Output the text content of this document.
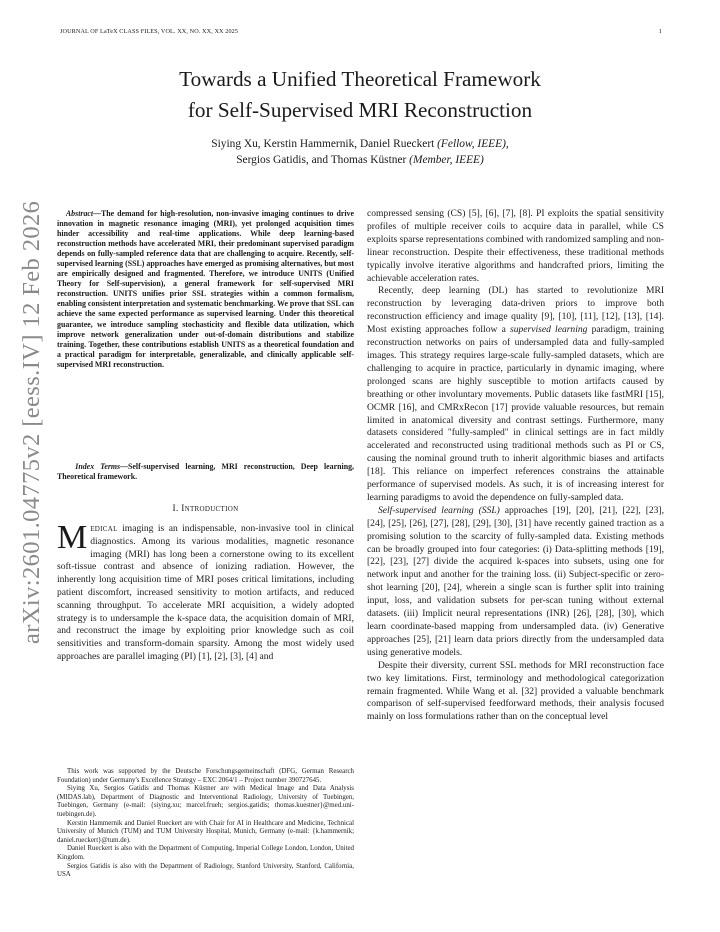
JOURNAL OF LaTeX CLASS FILES, VOL. XX, NO. XX, XX 2025	1
arXiv:2601.04775v2 [eess.IV] 12 Feb 2026
Towards a Unified Theoretical Framework
for Self-Supervised MRI Reconstruction
Siying Xu, Kerstin Hammernik, Daniel Rueckert (Fellow, IEEE),
Sergios Gatidis, and Thomas Küstner (Member, IEEE)
Abstract—The demand for high-resolution, non-invasive imaging continues to drive innovation in magnetic resonance imaging (MRI), yet prolonged acquisition times hinder accessibility and real-time applications. While deep learning-based reconstruction methods have accelerated MRI, their predominant supervised paradigm depends on fully-sampled reference data that are challenging to acquire. Recently, self-supervised learning (SSL) approaches have emerged as promising alternatives, but most are empirically designed and fragmented. Therefore, we introduce UNITS (Unified Theory for Self-supervision), a general framework for self-supervised MRI reconstruction. UNITS unifies prior SSL strategies within a common formalism, enabling consistent interpretation and systematic benchmarking. We prove that SSL can achieve the same expected performance as supervised learning. Under this theoretical guarantee, we introduce sampling stochasticity and flexible data utilization, which improve network generalization under out-of-domain distributions and stabilize training. Together, these contributions establish UNITS as a theoretical foundation and a practical paradigm for interpretable, generalizable, and clinically applicable self-supervised MRI reconstruction.
Index Terms—Self-supervised learning, MRI reconstruction, Deep learning, Theoretical framework.
I. Introduction
Medical imaging is an indispensable, non-invasive tool in clinical diagnostics. Among its various modalities, magnetic resonance imaging (MRI) has long been a cornerstone owing to its excellent soft-tissue contrast and absence of ionizing radiation. However, the inherently long acquisition time of MRI poses critical limitations, including patient discomfort, increased sensitivity to motion artifacts, and reduced scanning throughput. To accelerate MRI acquisition, a widely adopted strategy is to undersample the k-space data, the acquisition domain of MRI, and reconstruct the image by exploiting prior knowledge such as coil sensitivities and transform-domain sparsity. Among the most widely used approaches are parallel imaging (PI) [1], [2], [3], [4] and

This work was supported by the Deutsche Forschungsgemeinschaft (DFG, German Research Foundation) under Germany's Excellence Strategy – EXC 2064/1 – Project number 390727645.

Siying Xu, Sergios Gatidis and Thomas Küstner are with Medical Image and Data Analysis (MIDAS.lab), Department of Diagnostic and Interventional Radiology, University of Tuebingen, Tuebingen, Germany (e-mail: {siying.xu; marcel.frueh; sergios.gatidis; thomas.kuestner}@med.uni-tuebingen.de).

Kerstin Hammernik and Daniel Rueckert are with Chair for AI in Healthcare and Medicine, Technical University of Munich (TUM) and TUM University Hospital, Munich, Germany (e-mail: {k.hammernik; daniel.rueckert}@tum.de).

Daniel Rueckert is also with the Department of Computing, Imperial College London, London, United Kingdom.

Sergios Gatidis is also with the Department of Radiology, Stanford University, Stanford, California, USA

compressed sensing (CS) [5], [6], [7], [8]. PI exploits the spatial sensitivity profiles of multiple receiver coils to acquire data in parallel, while CS exploits sparse representations combined with randomized sampling and non-linear reconstruction. Despite their effectiveness, these traditional methods typically involve iterative algorithms and handcrafted priors, limiting the achievable acceleration rates.

Recently, deep learning (DL) has started to revolutionize MRI reconstruction by leveraging data-driven priors to improve both reconstruction efficiency and image quality [9], [10], [11], [12], [13], [14]. Most existing approaches follow a supervised learning paradigm, training reconstruction networks on pairs of undersampled data and fully-sampled images. This strategy requires large-scale fully-sampled datasets, which are challenging to acquire in practice, particularly in dynamic imaging, where prolonged scans are highly susceptible to motion artifacts caused by breathing or other involuntary movements. Public datasets like fastMRI [15], OCMR [16], and CMRxRecon [17] provide valuable resources, but remain limited in anatomical diversity and contrast settings. Furthermore, many datasets considered "fully-sampled" in clinical settings are in fact mildly accelerated and reconstructed using traditional methods such as PI or CS, causing the nominal ground truth to inherit algorithmic biases and artifacts [18]. This reliance on imperfect references constrains the attainable performance of supervised models. As such, it is of increasing interest for learning paradigms to avoid the dependence on fully-sampled data.

Self-supervised learning (SSL) approaches [19], [20], [21], [22], [23], [24], [25], [26], [27], [28], [29], [30], [31] have recently gained traction as a promising solution to the scarcity of fully-sampled data. Existing methods can be broadly grouped into four categories: (i) Data-splitting methods [19], [22], [23], [27] divide the acquired k-spaces into subsets, using one for network input and another for the training loss. (ii) Subject-specific or zero-shot learning [20], [24], wherein a single scan is further split into training input, loss, and validation subsets for per-scan tuning without external datasets. (iii) Implicit neural representations (INR) [26], [28], [30], which learn coordinate-based mapping from undersampled data. (iv) Generative approaches [25], [21] learn data priors directly from the undersampled data using generative models.

Despite their diversity, current SSL methods for MRI reconstruction face two key limitations. First, terminology and methodological categorization remain fragmented. While Wang et al. [32] provided a valuable benchmark comparison of self-supervised feedforward methods, their analysis focused mainly on loss formulations rather than on the conceptual level
